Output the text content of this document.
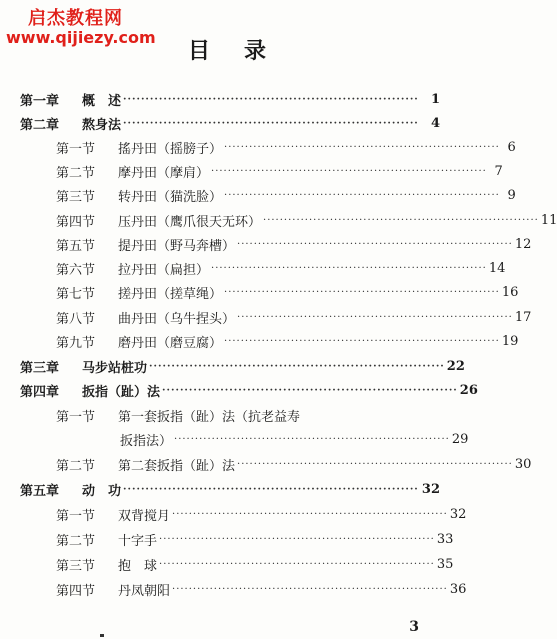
启杰教程网
www.qijiezy.com
目录
第一章	概　述 ·································································· 1
第二章	熬身法 ·································································· 4
第一节	搖丹田（摇膀子） ·································································· 6
第二节	摩丹田（摩肩） ·································································· 7
第三节	转丹田（猫洗脸） ·································································· 9
第四节	压丹田（鹰爪很天无环） ·································································· 11
第五节	提丹田（野马奔槽） ·································································· 12
第六节	拉丹田（扁担） ·································································· 14
第七节	搓丹田（搓草绳） ·································································· 16
第八节	曲丹田（乌牛捏头） ·································································· 17
第九节	磨丹田（磨豆腐） ·································································· 19
第三章	马步站桩功 ·································································· 22
第四章	扳指（趾）法 ·································································· 26
第一节	第一套扳指（趾）法（抗老益寿
扳指法） ·································································· 29
第二节	第二套扳指（趾）法 ·································································· 30
第五章	动　功 ·································································· 32
第一节	双背搅月 ·································································· 32
第二节	十字手 ·································································· 33
第三节	抱　球 ·································································· 35
第四节	丹凤朝阳 ·································································· 36
3
